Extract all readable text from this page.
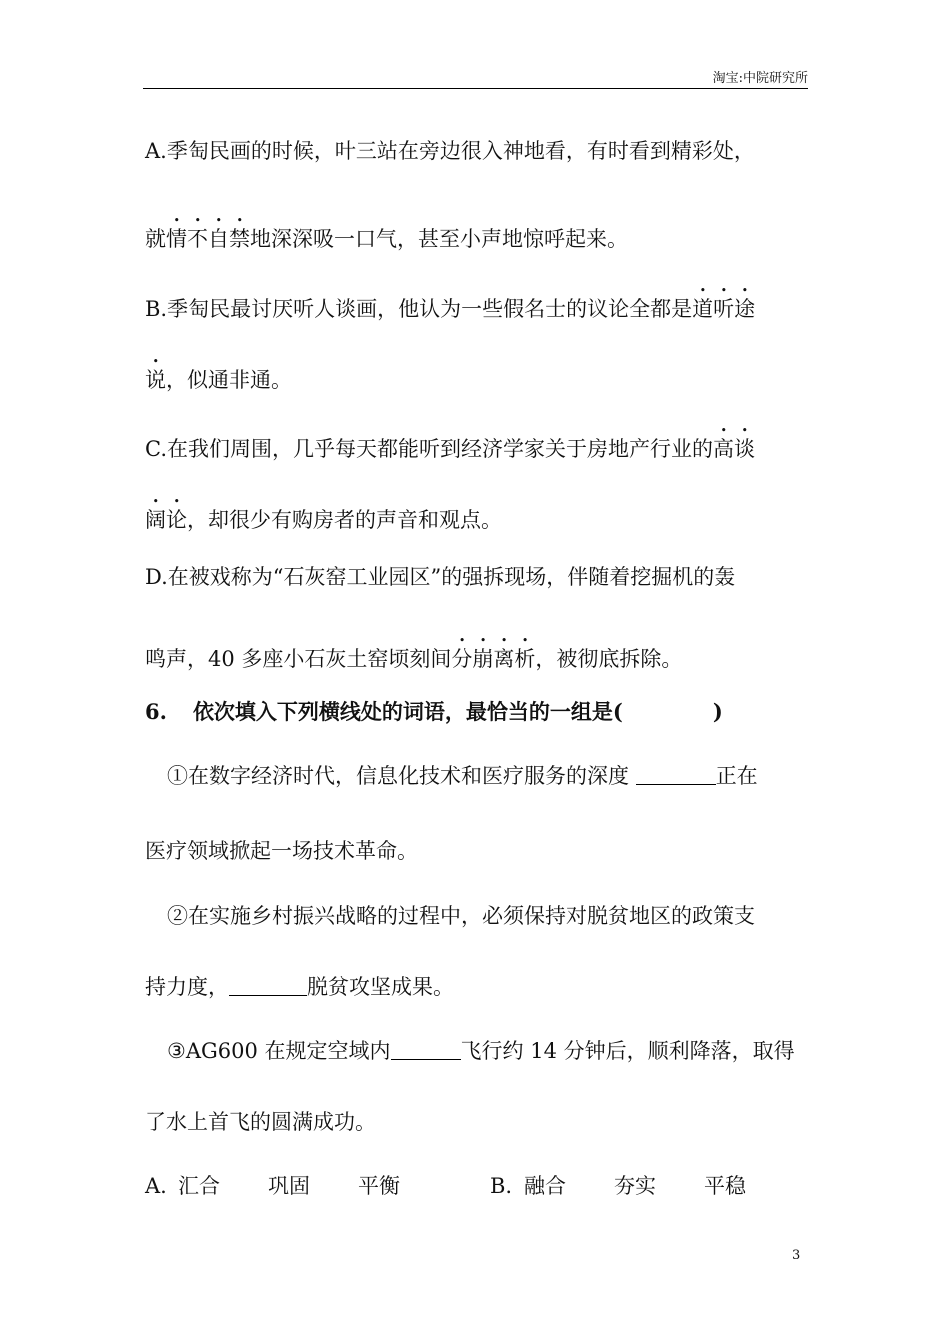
淘宝:中院研究所
A.季匋民画的时候，叶三站在旁边很入神地看，有时看到精彩处，
就情不自禁地深深吸一口气，甚至小声地惊呼起来。
B.季匋民最讨厌听人谈画，他认为一些假名士的议论全都是道听途
说，似通非通。
C.在我们周围，几乎每天都能听到经济学家关于房地产行业的高谈
阔论，却很少有购房者的声音和观点。
D.在被戏称为“石灰窑工业园区”的强拆现场，伴随着挖掘机的轰
鸣声，40 多座小石灰土窑顷刻间分崩离析，被彻底拆除。
6. 依次填入下列横线处的词语，最恰当的一组是(	)
①在数字经济时代，信息化技术和医疗服务的深度	正在
医疗领域掀起一场技术革命。
②在实施乡村振兴战略的过程中，必须保持对脱贫地区的政策支
持力度，	脱贫攻坚成果。
③AG600 在规定空域内	飞行约 14 分钟后，顺利降落，取得
了水上首飞的圆满成功。
A. 汇合 巩固 平衡	B. 融合 夯实 平稳
3
